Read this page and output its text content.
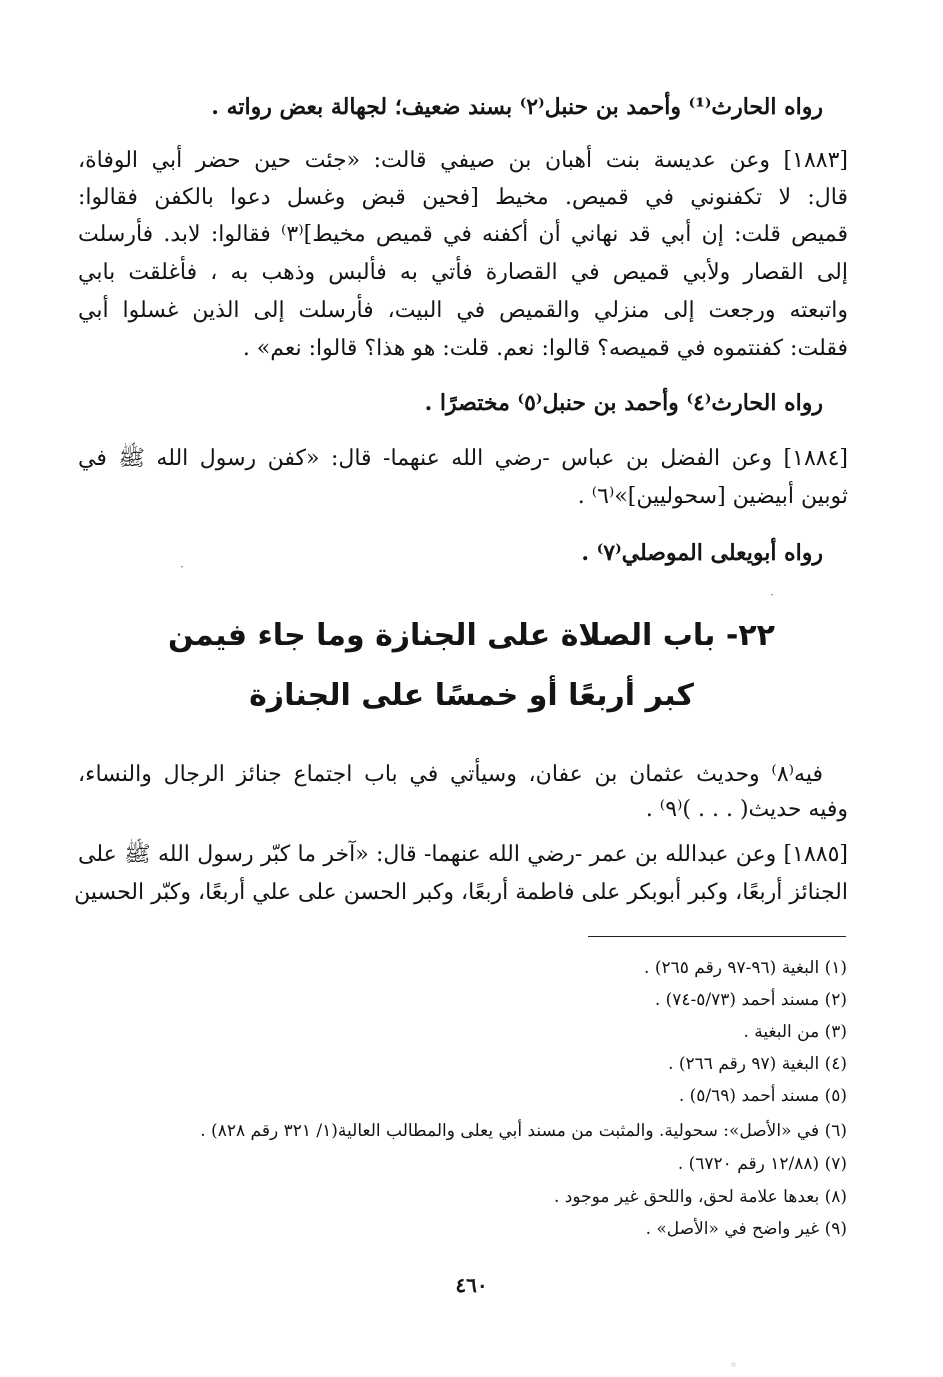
رواه الحارث⁽¹⁾ وأحمد بن حنبل⁽٢⁾ بسند ضعيف؛ لجهالة بعض رواته .
[١٨٨٣] وعن عديسة بنت أهبان بن صيفي قالت: «جئت حين حضر أبي الوفاة،
قال: لا تكفنوني في قميص. مخيط [فحين قبض وغسل دعوا بالكفن فقالوا:
قميص قلت: إن أبي قد نهاني أن أكفنه في قميص مخيط]⁽٣⁾ فقالوا: لابد. فأرسلت
إلى القصار ولأبي قميص في القصارة فأتي به فألبس وذهب به ، فأغلقت بابي
واتبعته ورجعت إلى منزلي والقميص في البيت، فأرسلت إلى الذين غسلوا أبي
فقلت: كفنتموه في قميصه؟ قالوا: نعم. قلت: هو هذا؟ قالوا: نعم» .
رواه الحارث⁽٤⁾ وأحمد بن حنبل⁽٥⁾ مختصرًا .
[١٨٨٤] وعن الفضل بن عباس -رضي الله عنهما- قال: «كفن رسول الله ﷺ في
ثوبين أبيضين [سحوليين]»⁽٦⁾ .
رواه أبويعلى الموصلي⁽٧⁾ .
٢٢- باب الصلاة على الجنازة وما جاء فيمن
كبر أربعًا أو خمسًا على الجنازة
فيه⁽٨⁾ وحديث عثمان بن عفان، وسيأتي في باب اجتماع جنائز الرجال والنساء،
وفيه حديث( . . . )⁽٩⁾ .
[١٨٨٥] وعن عبدالله بن عمر -رضي الله عنهما- قال: «آخر ما كبّر رسول الله ﷺ على
الجنائز أربعًا، وكبر أبوبكر على فاطمة أربعًا، وكبر الحسن على علي أربعًا، وكبّر الحسين
(١) البغية (٩٦-٩٧ رقم ٢٦٥) .
(٢) مسند أحمد (٥/٧٣-٧٤) .
(٣) من البغية .
(٤) البغية (٩٧ رقم ٢٦٦) .
(٥) مسند أحمد (٥/٦٩) .
(٦) في «الأصل»: سحولية. والمثبت من مسند أبي يعلى والمطالب العالية(١/ ٣٢١ رقم ٨٢٨) .
(٧) (١٢/٨٨ رقم ٦٧٢٠) .
(٨) بعدها علامة لحق، واللحق غير موجود .
(٩) غير واضح في «الأصل» .
٤٦٠
·
·
◦
